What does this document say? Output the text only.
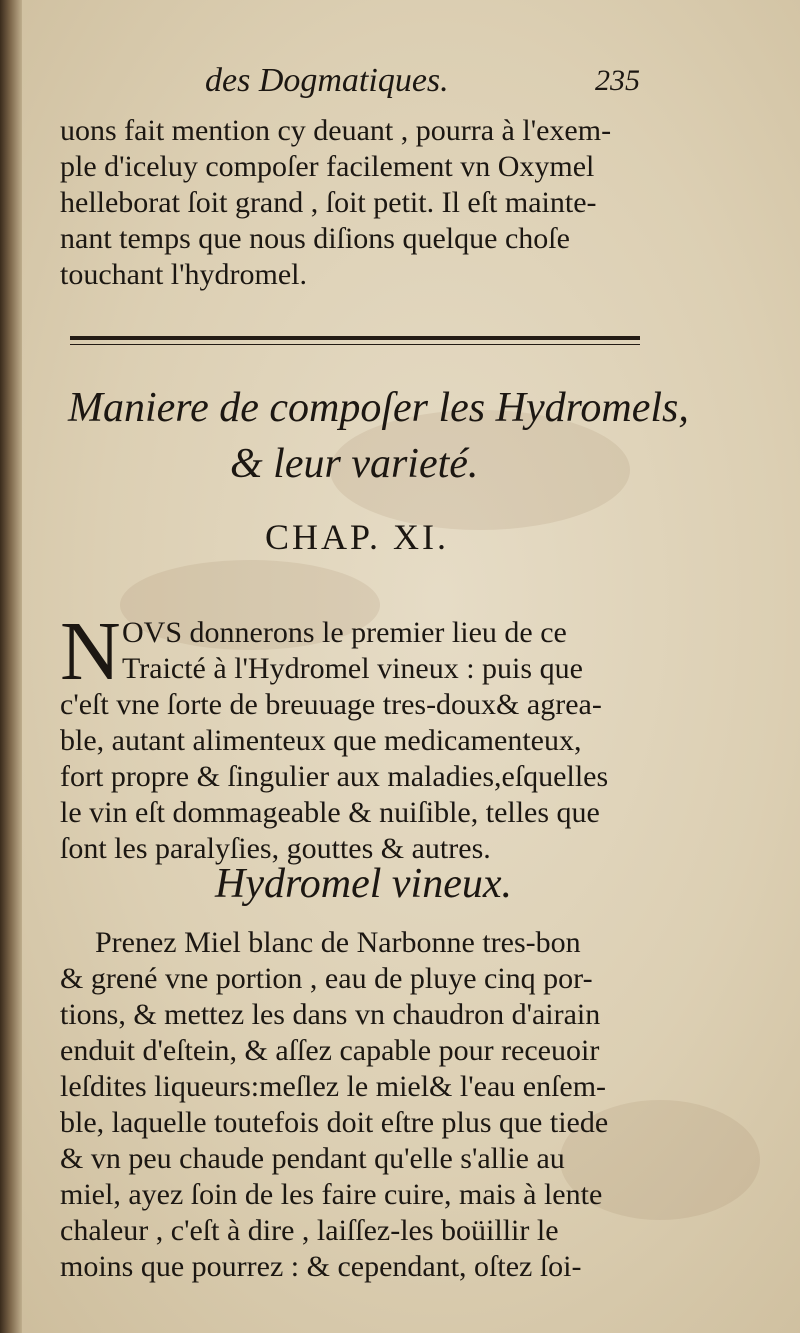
des Dogmatiques.	235
uons fait mention cy deuant , pourra à l'exem-
ple d'iceluy compoſer facilement vn Oxymel
helleborat ſoit grand , ſoit petit. Il eſt mainte-
nant temps que nous diſions quelque choſe
touchant l'hydromel.
Maniere de compoſer les Hydromels,
& leur varieté.
CHAP. XI.
N OVS donnerons le premier lieu de ce
Traicté à l'Hydromel vineux : puis que
c'eſt vne ſorte de breuuage tres-doux& agrea-
ble, autant alimenteux que medicamenteux,
fort propre & ſingulier aux maladies,eſquelles
le vin eſt dommageable & nuiſible, telles que
ſont les paralyſies, gouttes & autres.
Hydromel vineux.
Prenez Miel blanc de Narbonne tres-bon
& grené vne portion , eau de pluye cinq por-
tions, & mettez les dans vn chaudron d'airain
enduit d'eſtein, & aſſez capable pour receuoir
leſdites liqueurs:meſlez le miel& l'eau enſem-
ble, laquelle toutefois doit eſtre plus que tiede
& vn peu chaude pendant qu'elle s'allie au
miel, ayez ſoin de les faire cuire, mais à lente
chaleur , c'eſt à dire , laiſſez-les boüillir le
moins que pourrez : & cependant, oſtez ſoi-
